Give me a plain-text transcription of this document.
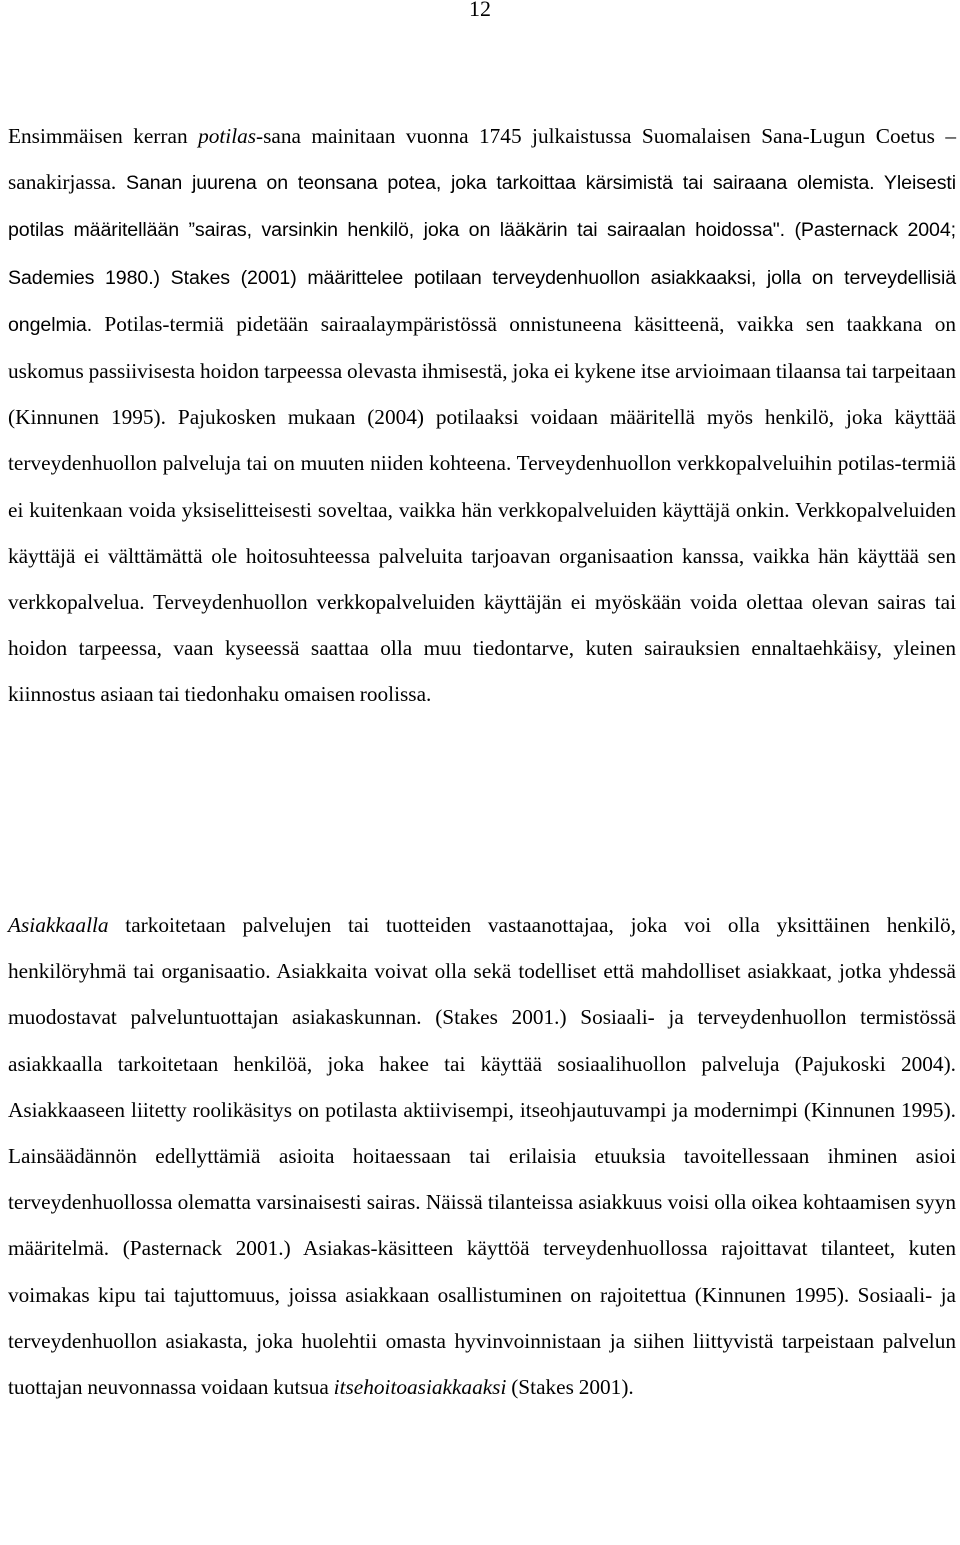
12

Ensimmäisen kerran potilas-sana mainitaan vuonna 1745 julkaistussa Suomalaisen Sana-Lugun Coetus – sanakirjassa. Sanan juurena on teonsana potea, joka tarkoittaa kärsimistä tai sairaana olemista. Yleisesti potilas määritellään ”sairas, varsinkin henkilö, joka on lääkärin tai sairaalan hoidossa". (Pasternack 2004; Sademies 1980.) Stakes (2001) määrittelee potilaan terveydenhuollon asiakkaaksi, jolla on terveydellisiä ongelmia. Potilas-termiä pidetään sairaalaympäristössä onnistuneena käsitteenä, vaikka sen taakkana on uskomus passiivisesta hoidon tarpeessa olevasta ihmisestä, joka ei kykene itse arvioimaan tilaansa tai tarpeitaan (Kinnunen 1995). Pajukosken mukaan (2004) potilaaksi voidaan määritellä myös henkilö, joka käyttää terveydenhuollon palveluja tai on muuten niiden kohteena. Terveydenhuollon verkkopalveluihin potilas-termiä ei kuitenkaan voida yksiselitteisesti soveltaa, vaikka hän verkkopalveluiden käyttäjä onkin. Verkkopalveluiden käyttäjä ei välttämättä ole hoitosuhteessa palveluita tarjoavan organisaation kanssa, vaikka hän käyttää sen verkkopalvelua. Terveydenhuollon verkkopalveluiden käyttäjän ei myöskään voida olettaa olevan sairas tai hoidon tarpeessa, vaan kyseessä saattaa olla muu tiedontarve, kuten sairauksien ennaltaehkäisy, yleinen kiinnostus asiaan tai tiedonhaku omaisen roolissa.

Asiakkaalla tarkoitetaan palvelujen tai tuotteiden vastaanottajaa, joka voi olla yksittäinen henkilö, henkilöryhmä tai organisaatio. Asiakkaita voivat olla sekä todelliset että mahdolliset asiakkaat, jotka yhdessä muodostavat palveluntuottajan asiakaskunnan. (Stakes 2001.) Sosiaali- ja terveydenhuollon termistössä asiakkaalla tarkoitetaan henkilöä, joka hakee tai käyttää sosiaalihuollon palveluja (Pajukoski 2004). Asiakkaaseen liitetty roolikäsitys on potilasta aktiivisempi, itseohjautuvampi ja modernimpi (Kinnunen 1995). Lainsäädännön edellyttämiä asioita hoitaessaan tai erilaisia etuuksia tavoitellessaan ihminen asioi terveydenhuollossa olematta varsinaisesti sairas. Näissä tilanteissa asiakkuus voisi olla oikea kohtaamisen syyn määritelmä. (Pasternack 2001.) Asiakas-käsitteen käyttöä terveydenhuollossa rajoittavat tilanteet, kuten voimakas kipu tai tajuttomuus, joissa asiakkaan osallistuminen on rajoitettua (Kinnunen 1995). Sosiaali- ja terveydenhuollon asiakasta, joka huolehtii omasta hyvinvoinnistaan ja siihen liittyvistä tarpeistaan palvelun tuottajan neuvonnassa voidaan kutsua itsehoitoasiakkaaksi (Stakes 2001).
